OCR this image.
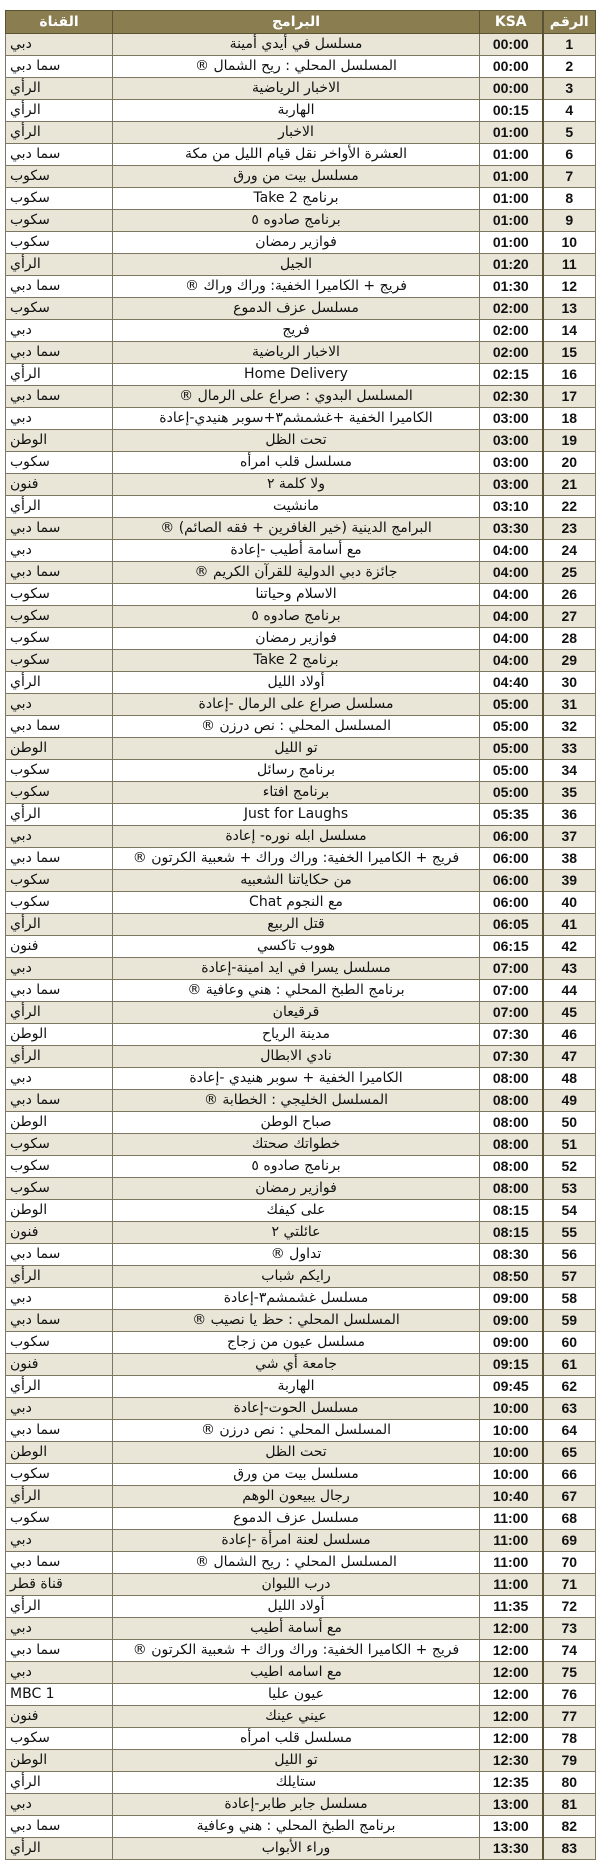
القناة	البرامج	KSA	الرقم
دبي	مسلسل في أيدي أمينة	00:00	1
سما دبي	المسلسل المحلي : ريح الشمال ®	00:00	2
الرأي	الاخبار الرياضية	00:00	3
الرأي	الهاربة	00:15	4
الرأي	الاخبار	01:00	5
سما دبي	العشرة الأواخر نقل قيام الليل من مكة	01:00	6
سكوب	مسلسل بيت من ورق	01:00	7
سكوب	برنامج Take 2	01:00	8
سكوب	برنامج صادوه ٥	01:00	9
سكوب	فوازير رمضان	01:00	10
الرأي	الجيل	01:20	11
سما دبي	فريج + الكاميرا الخفية: وراك وراك ®	01:30	12
سكوب	مسلسل عزف الدموع	02:00	13
دبي	فريج	02:00	14
سما دبي	الاخبار الرياضية	02:00	15
الرأي	Home Delivery	02:15	16
سما دبي	المسلسل البدوي : صراع على الرمال ®	02:30	17
دبي	الكاميرا الخفية +غشمشم٣+سوبر هنيدي-إعادة	03:00	18
الوطن	تحت الظل	03:00	19
سكوب	مسلسل قلب امرأه	03:00	20
فنون	ولا كلمة ٢	03:00	21
الرأي	مانشيت	03:10	22
سما دبي	البرامج الدينية (خير الغافرين + فقه الصائم) ®	03:30	23
دبي	مع أسامة أطيب -إعادة	04:00	24
سما دبي	جائزة دبي الدولية للقرآن الكريم ®	04:00	25
سكوب	الاسلام وحياتنا	04:00	26
سكوب	برنامج صادوه ٥	04:00	27
سكوب	فوازير رمضان	04:00	28
سكوب	برنامج Take 2	04:00	29
الرأي	أولاد الليل	04:40	30
دبي	مسلسل صراع على الرمال -إعادة	05:00	31
سما دبي	المسلسل المحلي : نص درزن ®	05:00	32
الوطن	تو الليل	05:00	33
سكوب	برنامج رسائل	05:00	34
سكوب	برنامج افتاء	05:00	35
الرأي	Just for Laughs	05:35	36
دبي	مسلسل ابله نوره- إعادة	06:00	37
سما دبي	فريج + الكاميرا الخفية: وراك وراك + شعبية الكرتون ®	06:00	38
سكوب	من حكاياتنا الشعبيه	06:00	39
سكوب	مع النجوم Chat	06:00	40
الرأي	قتل الربيع	06:05	41
فنون	هووب تاكسي	06:15	42
دبي	مسلسل يسرا في ايد امينة-إعادة	07:00	43
سما دبي	برنامج الطبخ المحلي : هني وعافية ®	07:00	44
الرأي	قرقيعان	07:00	45
الوطن	مدينة الرياح	07:30	46
الرأي	نادي الابطال	07:30	47
دبي	الكاميرا الخفية + سوبر هنيدي -إعادة	08:00	48
سما دبي	المسلسل الخليجي : الخطابة ®	08:00	49
الوطن	صباح الوطن	08:00	50
سكوب	خطواتك صحتك	08:00	51
سكوب	برنامج صادوه ٥	08:00	52
سكوب	فوازير رمضان	08:00	53
الوطن	على كيفك	08:15	54
فنون	عائلتي ٢	08:15	55
سما دبي	تداول ®	08:30	56
الرأي	رايكم شباب	08:50	57
دبي	مسلسل غشمشم٣-إعادة	09:00	58
سما دبي	المسلسل المحلي : حظ يا نصيب ®	09:00	59
سكوب	مسلسل عيون من زجاج	09:00	60
فنون	جامعة أي شي	09:15	61
الرأي	الهاربة	09:45	62
دبي	مسلسل الحوت-إعادة	10:00	63
سما دبي	المسلسل المحلي : نص درزن ®	10:00	64
الوطن	تحت الظل	10:00	65
سكوب	مسلسل بيت من ورق	10:00	66
الرأي	رجال يبيعون الوهم	10:40	67
سكوب	مسلسل عزف الدموع	11:00	68
دبي	مسلسل لعنة امرأة -إعادة	11:00	69
سما دبي	المسلسل المحلي : ريح الشمال ®	11:00	70
قناة قطر	درب اللبوان	11:00	71
الرأي	أولاد الليل	11:35	72
دبي	مع أسامة أطيب	12:00	73
سما دبي	فريج + الكاميرا الخفية: وراك وراك + شعبية الكرتون ®	12:00	74
دبي	مع اسامه اطيب	12:00	75
MBC 1	عيون عليا	12:00	76
فنون	عيني عينك	12:00	77
سكوب	مسلسل قلب امرأه	12:00	78
الوطن	تو الليل	12:30	79
الرأي	ستايلك	12:35	80
دبي	مسلسل جابر طابر-إعادة	13:00	81
سما دبي	برنامج الطبخ المحلي : هني وعافية	13:00	82
الرأي	وراء الأبواب	13:30	83
